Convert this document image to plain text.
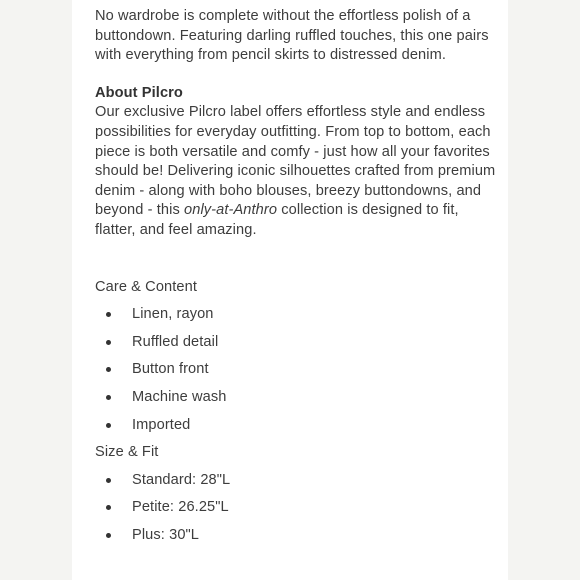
No wardrobe is complete without the effortless polish of a buttondown. Featuring darling ruffled touches, this one pairs with everything from pencil skirts to distressed denim.

About Pilcro

Our exclusive Pilcro label offers effortless style and endless possibilities for everyday outfitting. From top to bottom, each piece is both versatile and comfy - just how all your favorites should be! Delivering iconic silhouettes crafted from premium denim - along with boho blouses, breezy buttondowns, and beyond - this only-at-Anthro collection is designed to fit, flatter, and feel amazing.

Care & Content

Linen, rayon
Ruffled detail
Button front
Machine wash
Imported

Size & Fit

Standard: 28"L
Petite: 26.25"L
Plus: 30"L
